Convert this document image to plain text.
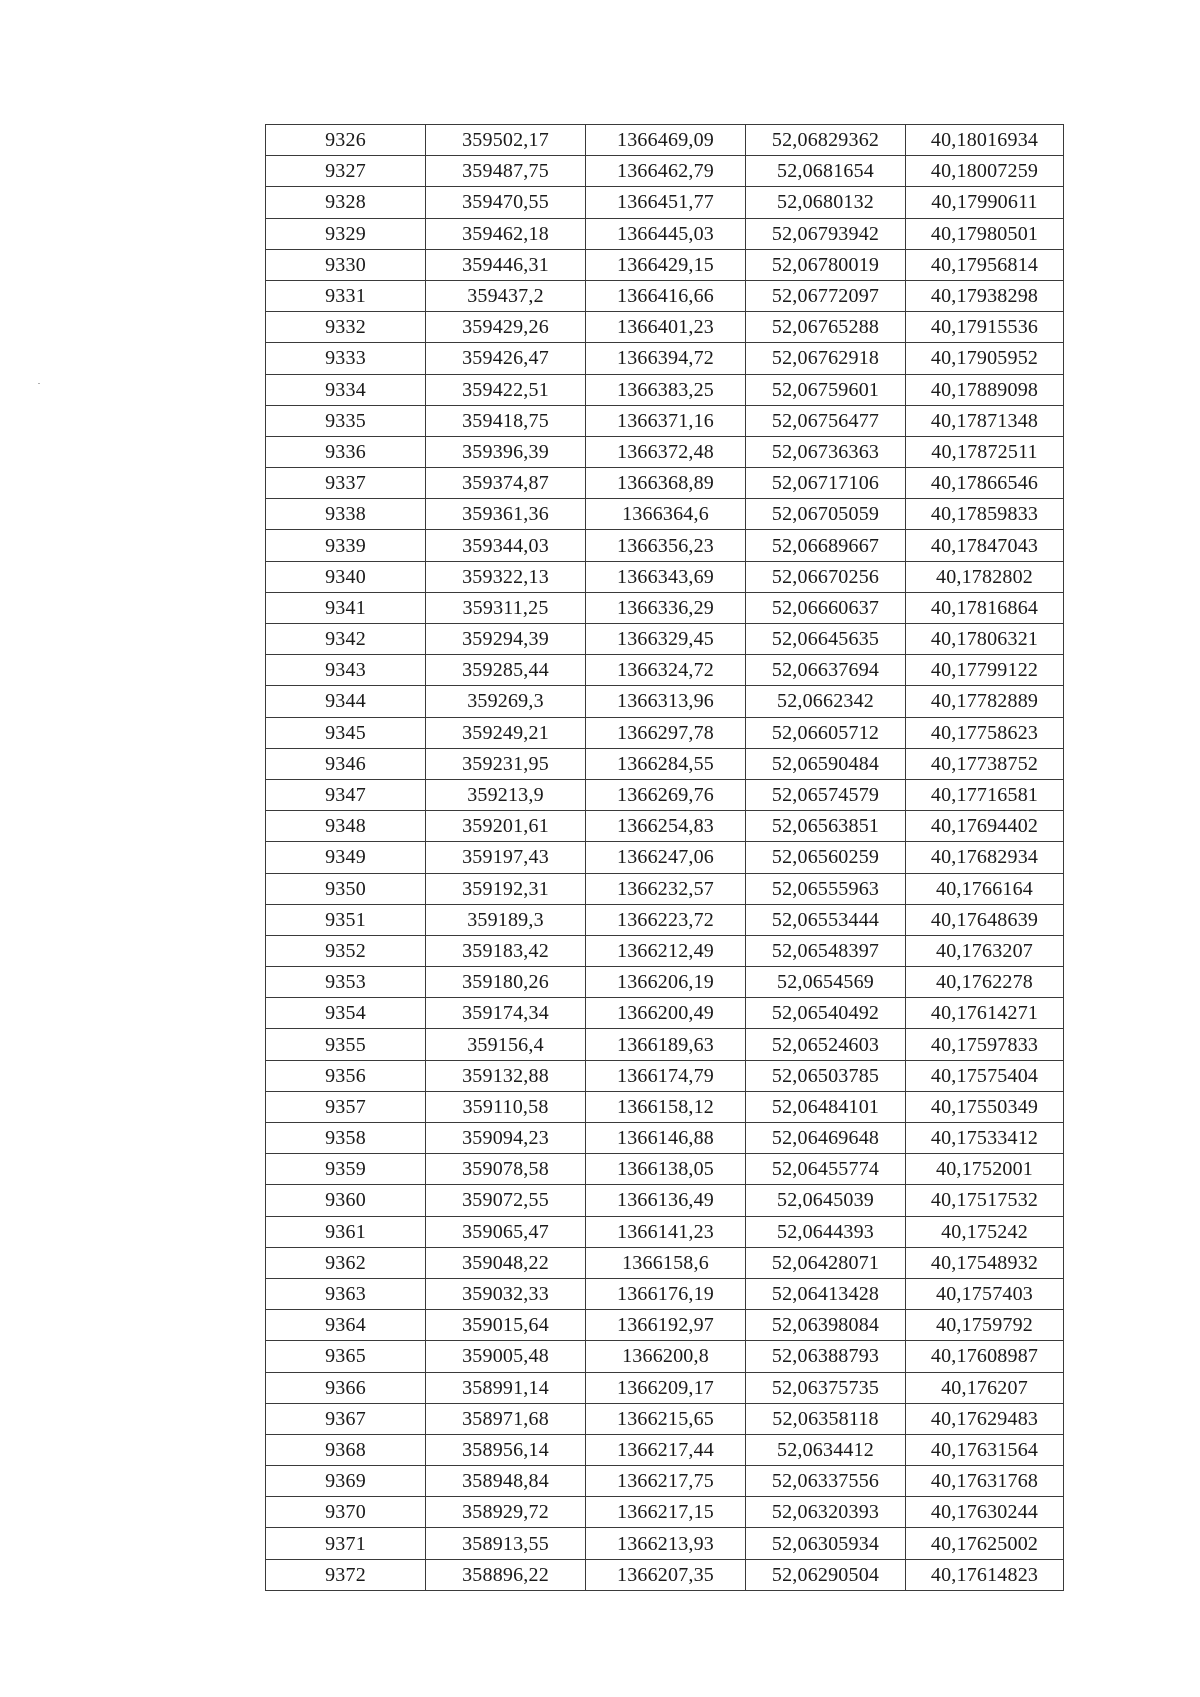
9326	359502,17	1366469,09	52,06829362	40,18016934
9327	359487,75	1366462,79	52,0681654	40,18007259
9328	359470,55	1366451,77	52,0680132	40,17990611
9329	359462,18	1366445,03	52,06793942	40,17980501
9330	359446,31	1366429,15	52,06780019	40,17956814
9331	359437,2	1366416,66	52,06772097	40,17938298
9332	359429,26	1366401,23	52,06765288	40,17915536
9333	359426,47	1366394,72	52,06762918	40,17905952
9334	359422,51	1366383,25	52,06759601	40,17889098
9335	359418,75	1366371,16	52,06756477	40,17871348
9336	359396,39	1366372,48	52,06736363	40,17872511
9337	359374,87	1366368,89	52,06717106	40,17866546
9338	359361,36	1366364,6	52,06705059	40,17859833
9339	359344,03	1366356,23	52,06689667	40,17847043
9340	359322,13	1366343,69	52,06670256	40,1782802
9341	359311,25	1366336,29	52,06660637	40,17816864
9342	359294,39	1366329,45	52,06645635	40,17806321
9343	359285,44	1366324,72	52,06637694	40,17799122
9344	359269,3	1366313,96	52,0662342	40,17782889
9345	359249,21	1366297,78	52,06605712	40,17758623
9346	359231,95	1366284,55	52,06590484	40,17738752
9347	359213,9	1366269,76	52,06574579	40,17716581
9348	359201,61	1366254,83	52,06563851	40,17694402
9349	359197,43	1366247,06	52,06560259	40,17682934
9350	359192,31	1366232,57	52,06555963	40,1766164
9351	359189,3	1366223,72	52,06553444	40,17648639
9352	359183,42	1366212,49	52,06548397	40,1763207
9353	359180,26	1366206,19	52,0654569	40,1762278
9354	359174,34	1366200,49	52,06540492	40,17614271
9355	359156,4	1366189,63	52,06524603	40,17597833
9356	359132,88	1366174,79	52,06503785	40,17575404
9357	359110,58	1366158,12	52,06484101	40,17550349
9358	359094,23	1366146,88	52,06469648	40,17533412
9359	359078,58	1366138,05	52,06455774	40,1752001
9360	359072,55	1366136,49	52,0645039	40,17517532
9361	359065,47	1366141,23	52,0644393	40,175242
9362	359048,22	1366158,6	52,06428071	40,17548932
9363	359032,33	1366176,19	52,06413428	40,1757403
9364	359015,64	1366192,97	52,06398084	40,1759792
9365	359005,48	1366200,8	52,06388793	40,17608987
9366	358991,14	1366209,17	52,06375735	40,176207
9367	358971,68	1366215,65	52,06358118	40,17629483
9368	358956,14	1366217,44	52,0634412	40,17631564
9369	358948,84	1366217,75	52,06337556	40,17631768
9370	358929,72	1366217,15	52,06320393	40,17630244
9371	358913,55	1366213,93	52,06305934	40,17625002
9372	358896,22	1366207,35	52,06290504	40,17614823
